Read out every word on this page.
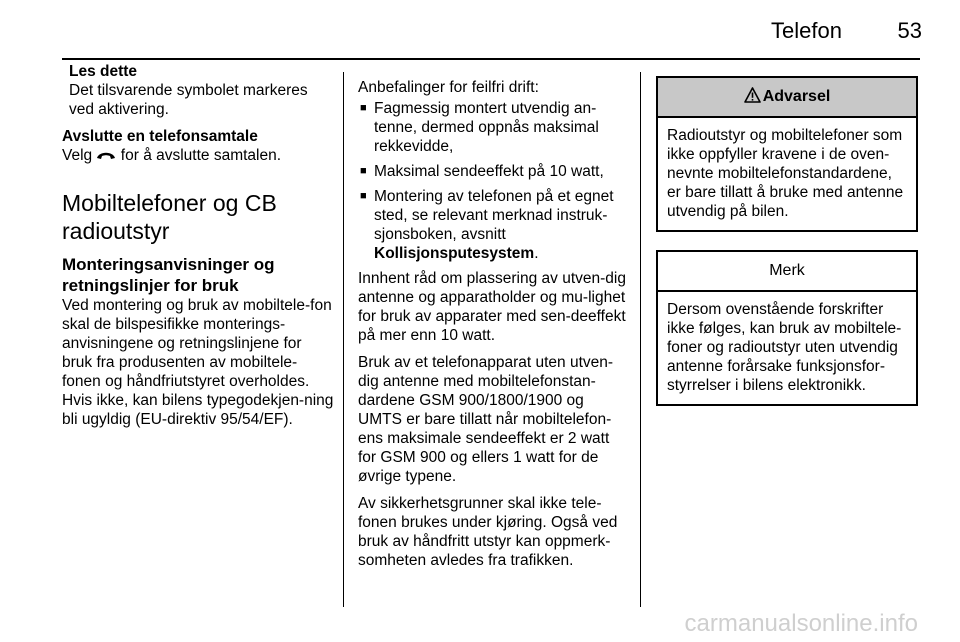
Telefon	53

Les dette

Det tilsvarende symbolet markeres ved aktivering.

Avslutte en telefonsamtale

Velg for å avslutte samtalen.

Mobiltelefoner og CB radioutstyr

Monteringsanvisninger og retningslinjer for bruk

Ved montering og bruk av mobiltele-fon skal de bilspesifikke monterings-anvisningene og retningslinjene for bruk fra produsenten av mobiltele-fonen og håndfriutstyret overholdes. Hvis ikke, kan bilens typegodekjen-ning bli ugyldig (EU-direktiv 95/54/EF).

Anbefalinger for feilfri drift:

■ Fagmessig montert utvendig an-tenne, dermed oppnås maksimal rekkevidde,
■ Maksimal sendeeffekt på 10 watt,
■ Montering av telefonen på et egnet sted, se relevant merknad instruk-sjonsboken, avsnitt Kollisjonsputesystem.

Innhent råd om plassering av utven-dig antenne og apparatholder og mu-lighet for bruk av apparater med sen-deeffekt på mer enn 10 watt.

Bruk av et telefonapparat uten utven-dig antenne med mobiltelefonstan-dardene GSM 900/1800/1900 og UMTS er bare tillatt når mobiltelefon-ens maksimale sendeeffekt er 2 watt for GSM 900 og ellers 1 watt for de øvrige typene.

Av sikkerhetsgrunner skal ikke tele-fonen brukes under kjøring. Også ved bruk av håndfritt utstyr kan oppmerk-somheten avledes fra trafikken.

Advarsel
Radioutstyr og mobiltelefoner som ikke oppfyller kravene i de oven-nevnte mobiltelefonstandardene, er bare tillatt å bruke med antenne utvendig på bilen.
Merk
Dersom ovenstående forskrifter ikke følges, kan bruk av mobiltele-foner og radioutstyr uten utvendig antenne forårsake funksjonsfor-styrrelser i bilens elektronikk.
carmanualsonline.info
